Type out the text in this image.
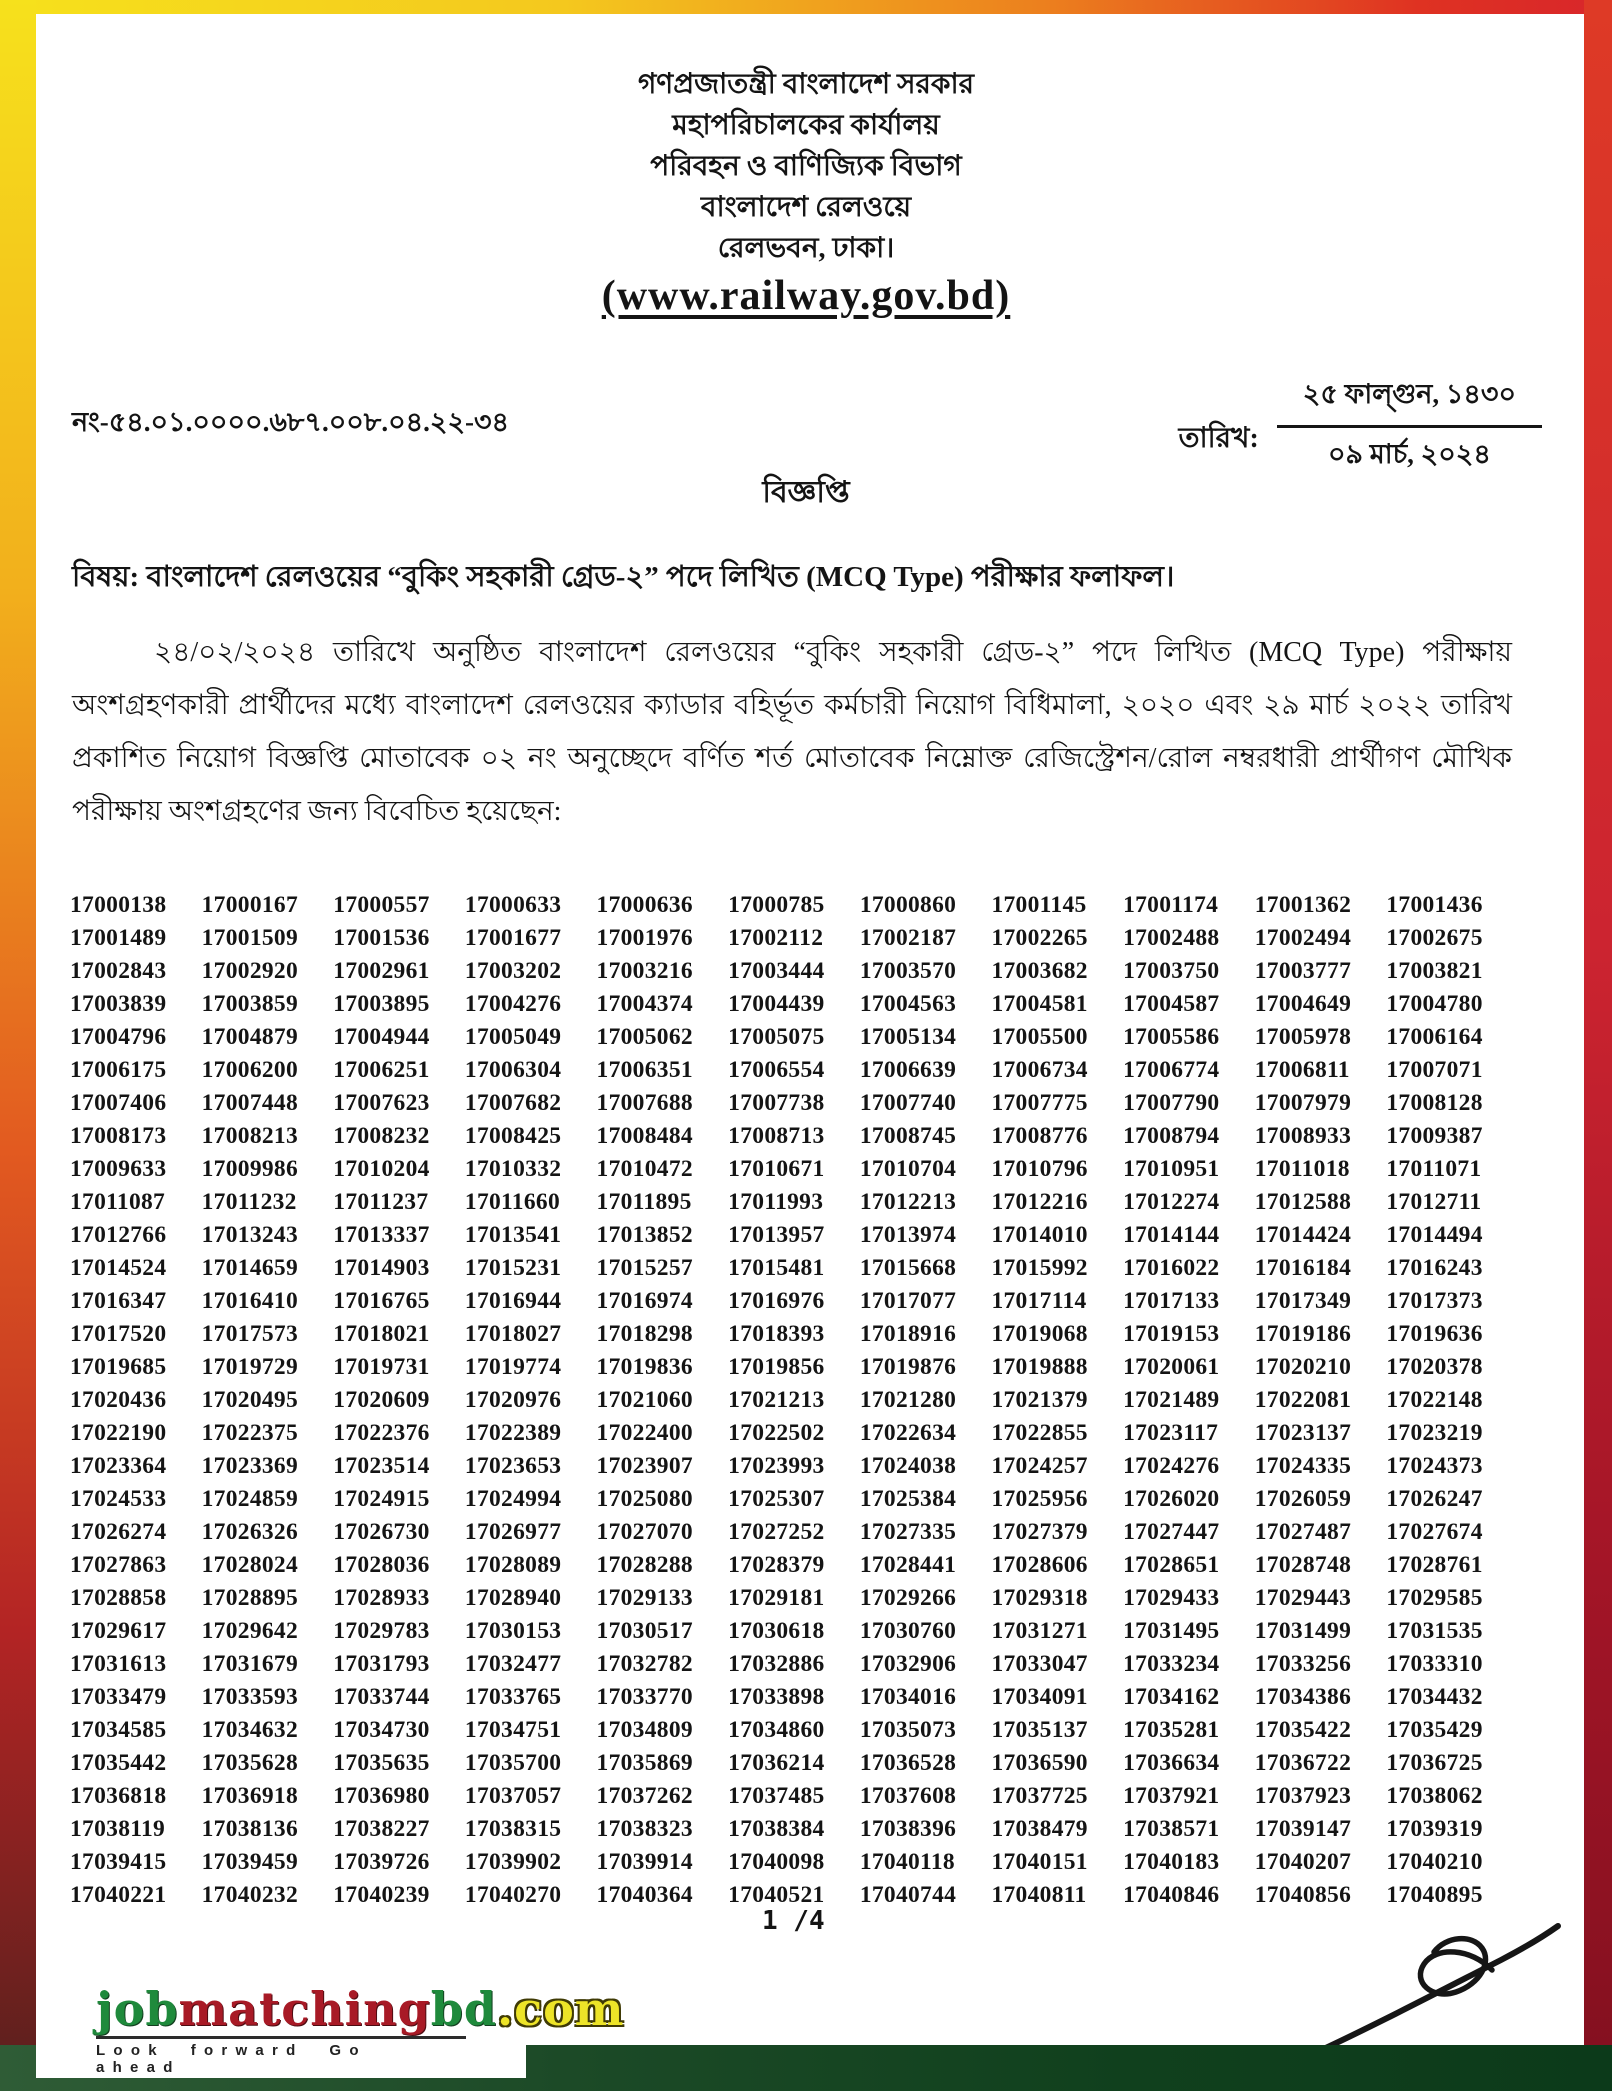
গণপ্রজাতন্ত্রী বাংলাদেশ সরকার
মহাপরিচালকের কার্যালয়
পরিবহন ও বাণিজ্যিক বিভাগ
বাংলাদেশ রেলওয়ে
রেলভবন, ঢাকা।
(www.railway.gov.bd)
নং-৫৪.০১.০০০০.৬৮৭.০০৮.০৪.২২-৩৪
তারিখ: $\frac{\text{২৫ ফাল্গুন, ১৪৩০}}{\text{০৯ মার্চ, ২০২৪}}$
বিজ্ঞপ্তি
বিষয়: বাংলাদেশ রেলওয়ের “বুকিং সহকারী গ্রেড-২” পদে লিখিত (MCQ Type) পরীক্ষার ফলাফল।
২৪/০২/২০২৪ তারিখে অনুষ্ঠিত বাংলাদেশ রেলওয়ের “বুকিং সহকারী গ্রেড-২” পদে লিখিত (MCQ Type) পরীক্ষায় অংশগ্রহণকারী প্রার্থীদের মধ্যে বাংলাদেশ রেলওয়ের ক্যাডার বহির্ভূত কর্মচারী নিয়োগ বিধিমালা, ২০২০ এবং ২৯ মার্চ ২০২২ তারিখ প্রকাশিত নিয়োগ বিজ্ঞপ্তি মোতাবেক ০২ নং অনুচ্ছেদে বর্ণিত শর্ত মোতাবেক নিম্নোক্ত রেজিস্ট্রেশন/রোল নম্বরধারী প্রার্থীগণ মৌখিক পরীক্ষায় অংশগ্রহণের জন্য বিবেচিত হয়েছেন:
17000138 17000167 17000557 17000633 17000636 17000785 17000860 17001145 17001174 17001362 17001436
17001489 17001509 17001536 17001677 17001976 17002112 17002187 17002265 17002488 17002494 17002675
17002843 17002920 17002961 17003202 17003216 17003444 17003570 17003682 17003750 17003777 17003821
17003839 17003859 17003895 17004276 17004374 17004439 17004563 17004581 17004587 17004649 17004780
17004796 17004879 17004944 17005049 17005062 17005075 17005134 17005500 17005586 17005978 17006164
17006175 17006200 17006251 17006304 17006351 17006554 17006639 17006734 17006774 17006811 17007071
17007406 17007448 17007623 17007682 17007688 17007738 17007740 17007775 17007790 17007979 17008128
17008173 17008213 17008232 17008425 17008484 17008713 17008745 17008776 17008794 17008933 17009387
17009633 17009986 17010204 17010332 17010472 17010671 17010704 17010796 17010951 17011018 17011071
17011087 17011232 17011237 17011660 17011895 17011993 17012213 17012216 17012274 17012588 17012711
17012766 17013243 17013337 17013541 17013852 17013957 17013974 17014010 17014144 17014424 17014494
17014524 17014659 17014903 17015231 17015257 17015481 17015668 17015992 17016022 17016184 17016243
17016347 17016410 17016765 17016944 17016974 17016976 17017077 17017114 17017133 17017349 17017373
17017520 17017573 17018021 17018027 17018298 17018393 17018916 17019068 17019153 17019186 17019636
17019685 17019729 17019731 17019774 17019836 17019856 17019876 17019888 17020061 17020210 17020378
17020436 17020495 17020609 17020976 17021060 17021213 17021280 17021379 17021489 17022081 17022148
17022190 17022375 17022376 17022389 17022400 17022502 17022634 17022855 17023117 17023137 17023219
17023364 17023369 17023514 17023653 17023907 17023993 17024038 17024257 17024276 17024335 17024373
17024533 17024859 17024915 17024994 17025080 17025307 17025384 17025956 17026020 17026059 17026247
17026274 17026326 17026730 17026977 17027070 17027252 17027335 17027379 17027447 17027487 17027674
17027863 17028024 17028036 17028089 17028288 17028379 17028441 17028606 17028651 17028748 17028761
17028858 17028895 17028933 17028940 17029133 17029181 17029266 17029318 17029433 17029443 17029585
17029617 17029642 17029783 17030153 17030517 17030618 17030760 17031271 17031495 17031499 17031535
17031613 17031679 17031793 17032477 17032782 17032886 17032906 17033047 17033234 17033256 17033310
17033479 17033593 17033744 17033765 17033770 17033898 17034016 17034091 17034162 17034386 17034432
17034585 17034632 17034730 17034751 17034809 17034860 17035073 17035137 17035281 17035422 17035429
17035442 17035628 17035635 17035700 17035869 17036214 17036528 17036590 17036634 17036722 17036725
17036818 17036918 17036980 17037057 17037262 17037485 17037608 17037725 17037921 17037923 17038062
17038119 17038136 17038227 17038315 17038323 17038384 17038396 17038479 17038571 17039147 17039319
17039415 17039459 17039726 17039902 17039914 17040098 17040118 17040151 17040183 17040207 17040210
17040221 17040232 17040239 17040270 17040364 17040521 17040744 17040811 17040846 17040856 17040895
1 /4
jobmatchingbd.com
Look forward Go ahead
